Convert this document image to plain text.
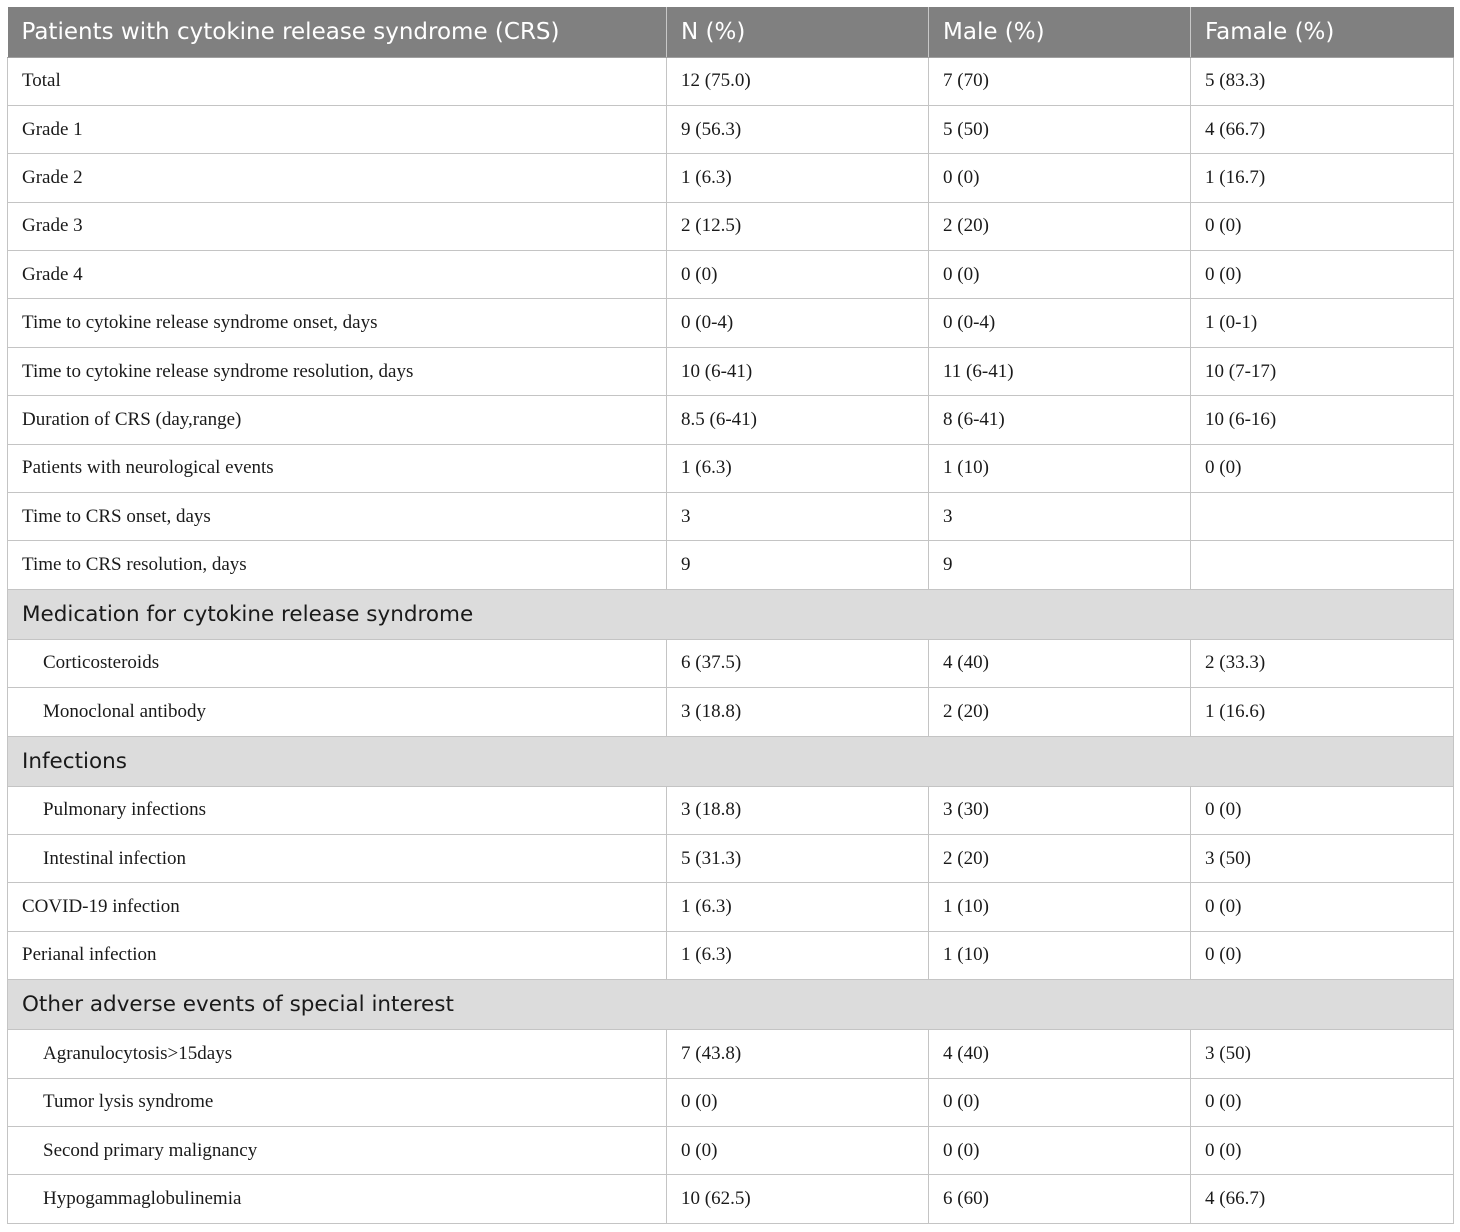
Patients with cytokine release syndrome (CRS)	N (%)	Male (%)	Famale (%)
Total	12 (75.0)	7 (70)	5 (83.3)
Grade 1	9 (56.3)	5 (50)	4 (66.7)
Grade 2	1 (6.3)	0 (0)	1 (16.7)
Grade 3	2 (12.5)	2 (20)	0 (0)
Grade 4	0 (0)	0 (0)	0 (0)
Time to cytokine release syndrome onset, days	0 (0-4)	0 (0-4)	1 (0-1)
Time to cytokine release syndrome resolution, days	10 (6-41)	11 (6-41)	10 (7-17)
Duration of CRS (day,range)	8.5 (6-41)	8 (6-41)	10 (6-16)
Patients with neurological events	1 (6.3)	1 (10)	0 (0)
Time to CRS onset, days	3	3	
Time to CRS resolution, days	9	9	
Medication for cytokine release syndrome			
Corticosteroids	6 (37.5)	4 (40)	2 (33.3)
Monoclonal antibody	3 (18.8)	2 (20)	1 (16.6)
Infections			
Pulmonary infections	3 (18.8)	3 (30)	0 (0)
Intestinal infection	5 (31.3)	2 (20)	3 (50)
COVID-19 infection	1 (6.3)	1 (10)	0 (0)
Perianal infection	1 (6.3)	1 (10)	0 (0)
Other adverse events of special interest			
Agranulocytosis>15days	7 (43.8)	4 (40)	3 (50)
Tumor lysis syndrome	0 (0)	0 (0)	0 (0)
Second primary malignancy	0 (0)	0 (0)	0 (0)
Hypogammaglobulinemia	10 (62.5)	6 (60)	4 (66.7)
